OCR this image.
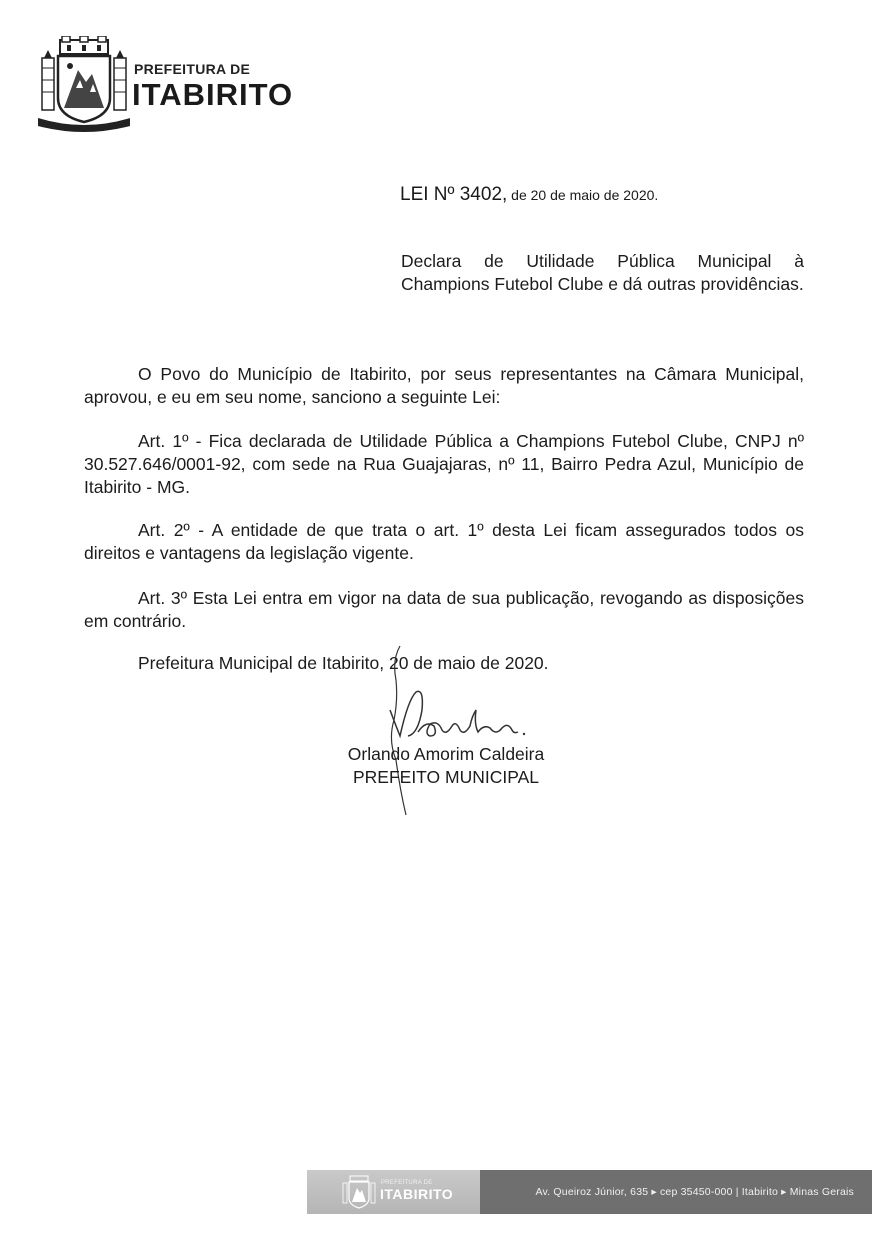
PREFEITURA DE
ITABIRITO
LEI Nº 3402, de 20 de maio de 2020.
Declara de Utilidade Pública Municipal à Champions Futebol Clube e dá outras providências.
O Povo do Município de Itabirito, por seus representantes na Câmara Municipal, aprovou, e eu em seu nome, sanciono a seguinte Lei:
Art. 1º - Fica declarada de Utilidade Pública a Champions Futebol Clube, CNPJ nº 30.527.646/0001-92, com sede na Rua Guajajaras, nº 11, Bairro Pedra Azul, Município de Itabirito - MG.
Art. 2º - A entidade de que trata o art. 1º desta Lei ficam assegurados todos os direitos e vantagens da legislação vigente.
Art. 3º Esta Lei entra em vigor na data de sua publicação, revogando as disposições em contrário.
Prefeitura Municipal de Itabirito, 20 de maio de 2020.
Orlando Amorim Caldeira
PREFEITO MUNICIPAL
PREFEITURA DE
ITABIRITO	Av. Queiroz Júnior, 635 ▸ cep 35450-000 | Itabirito ▸ Minas Gerais
